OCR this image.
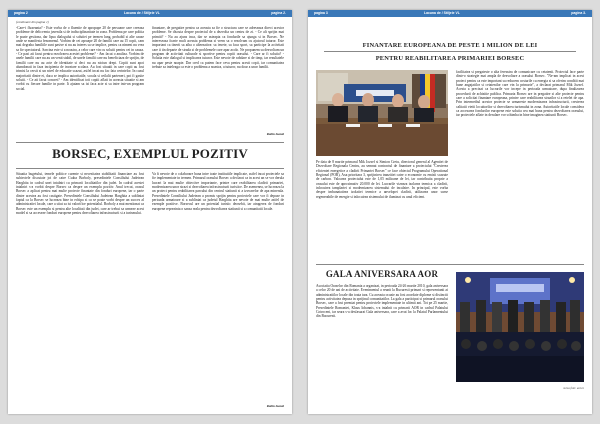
pagina 2	Lacuna de / Stiljele VL	pagina 2.

(continuare din pagina 1)

-Care-i fluxeanta? - Este vorba de o fluentie de apropape 20 de persoane care creeaza probleme de delicventa juvenila si de indisciplinaritate in zona. Problema pe care politia le poate gestiona, dar lipsa dialogului si solutiei pe termen lung, probabil si alte cauze unde se manifesta fenomenul. Vorbim de cei aproape 20 de familii care au 15 copii, cam mai degraba familiile sunt pasive si nu au interes sa se implice, pentru ca nimeni nu vrea sa fie spectatorul. Sarcina este si a noastra, a celor care vin cu solutii pentru cei in cauza. - Ce pasi ati facut pentru rezolvarea acestei probleme? - Am facut o analiza. Vorbim de unele familii care nu au un venit stabil, de unele familii care nu beneficiaza de sprijin, de familii care nu au acte de identitate si deci nu au niciun drept. Copiii sunt apoi abandonati in faza incipienta de invatare scolara. Au fost situatii in care copii au fost trimisi la cersit si un nivel de educatie scazut, astfel incat nu fac fata cerintelor. In cazul majoritatii dintre ei, daca se implica autoritatile, scoala si ceilalti parteneri, pot fi gasite solutii. - Ce ati facut concret? - Am identificat toti copiii aflati in aceasta situatie si am vorbit cu fiecare familie in parte. Ii ajutam sa isi faca acte si sa intre intr-un program social.

finantare, de pregatire pentru ca aceasta sa fie o structura care se adreseaza direct acestor probleme. Se discuta despre proiectul de a dezvolta un centru de zi. - Ce alt sprijin mai primiti? - Nu au ajuns inca, dar se asteapta ca fondurile sa ajunga si in Borsec. Ne intereseaza foarte mult aceasta problema si vrem sa o rezolvam cu ajutorul tuturor. Este important ca tinerii sa aiba o alternativa: sa invete, sa faca sport, sa participe la activitati care ii tin departe de strada si de problemele care apar acolo. Ne propunem sa dezvoltam un program de activitati culturale si sportive pentru copiii orasului. - Care ar fi solutia? - Solutia este dialogul si implicarea tuturor. Este nevoie de rabdare si de timp, iar rezultatele nu apar peste noapte. Dar cred ca putem face ceva pentru acesti copii, iar comunitatea trebuie sa inteleaga ca este o problema a noastra, a tuturor, nu doar a unor familii.

Robin Ioanel
BORSEC, EXEMPLUL POZITIV

Situatia bugetului, temele politice curente si necesitatea stabilitatii financiare au fost subiectele discutate joi de catre Csaba Borboly, presedintele Consiliului Judetean Harghita in cadrul unei intalniri cu primarii localitatilor din judet. In cadrul acestei intalniri s-a vorbit despre Borsec ca despre un exemplu pozitiv. Anul trecut, orasul Borsec a aplicat pentru mai multe proiecte finantate din fonduri europene, iar o parte dintre acestea au fost castigate. Presedintele Consiliului Judetean Harghita a subliniat faptul ca la Borsec se lucreaza bine in echipa si ca se poate vorbi despre un succes al administratiei locale, care a stiut sa isi valorifice potentialul. Borboly a mai mentionat ca Borsec este un exemplu si pentru alte localitati din judet, care ar trebui sa urmeze acest model si sa acceseze fonduri europene pentru dezvoltarea infrastructurii si a turismului.

Va fi nevoie de o colaborare buna intre toate institutiile implicate, astfel incat proiectele sa fie implementate in termen. Primarul orasului Borsec a declarat ca in acest an se vor derula lucrari la mai multe obiective importante, printre care reabilitarea cladirii primariei, modernizarea unor strazi si dezvoltarea infrastructurii turistice. De asemenea, se lucreaza la un proiect pentru reabilitarea parcului din centrul statiunii si a izvoarelor de apa minerala. Presedintele Consiliului Judetean a promis sprijin pentru proiectele care vor fi depuse in perioada urmatoare si a subliniat ca judetul Harghita are nevoie de mai multe astfel de exemple pozitive. Borsecul are un potential turistic deosebit, iar atragerea de fonduri europene reprezinta o sansa reala pentru dezvoltarea statiunii si a comunitatii locale.

Robin Ioanel
pagina 3	Lacuna de / Stiljele VL	pagina 3.
FINANTARE EUROPEANA DE PESTE 1 MILION DE LEI
PENTRU REABILITAREA PRIMARIEI BORSEC

Pe data de 8 martie primarul Mik Jozsef si Simion Cretu, directorul general al Agentiei de Dezvoltare Regionala Centru, au semnat contractul de finantare a proiectului "Cresterea eficientei energetice a cladirii Primariei Borsec" ce face obiectul Programului Operational Regional (POR), Axa prioritara 3, sprijinirea tranzitiei catre o economie cu emisii scazute de carbon. Valoarea proiectului este de 1,05 milioane de lei, iar contributia proprie a orasului este de aproximativ 20.000 de lei. Lucrarile vizeaza izolarea termica a cladirii, inlocuirea tamplariei si modernizarea sistemului de incalzire. In principal, este vorba despre imbunatatirea izolatiei termice a anvelopei cladirii, utilizarea unor surse regenerabile de energie si inlocuirea sistemului de iluminat cu unul eficient.

facilitatea si pregateste o alta fereastra de comunicare cu cetatenii. Proiectul face parte dintr-o strategie mai ampla de dezvoltare a orasului Borsec. "Ne-am implicat in acest proiect pentru ca este important sa reducem costurile cu energia si sa oferim conditii mai bune angajatilor si cetatenilor care vin la primarie", a declarat primarul Mik Jozsef. Acesta a precizat ca lucrarile vor incepe in perioada urmatoare, dupa finalizarea procedurii de achizitie publica. Primaria Borsec are in pregatire si alte proiecte pentru care a solicitat finantare europeana, printre care reabilitarea strazilor si a retelei de apa. Prin intermediul acestor proiecte se urmareste modernizarea infrastructurii, cresterea calitatii vietii locuitorilor si dezvoltarea turismului in zona. Autoritatile locale considera ca accesarea fondurilor europene este solutia cea mai buna pentru dezvoltarea orasului, iar proiectele aflate in derulare vor schimba in bine imaginea statiunii Borsec.

GALA ANIVERSARA AOR

Asociatia Oraselor din Romania a organizat, in perioada 24-26 martie 2010, gala aniversara a celor 20 de ani de activitate. Evenimentul a reunit la Bucuresti primari si reprezentanti ai administratiilor locale din toata tara. Cu aceasta ocazie au fost acordate diplome si distinctii pentru activitatea depusa in sprijinul comunitatilor. La gala a participat si primarul orasului Borsec, care a fost premiat pentru proiectele implementate in ultimii ani. Tot pe 25 martie, Presedintele Romaniei, Klaus Iohannis, s-a intalnit cu primarii AOR in cadrul Palatului Cotroceni, iar seara s-a desfasurat Gala aniversara, care a avut loc la Palatul Parlamentului din Bucuresti.

sursa foto: aor.ro
